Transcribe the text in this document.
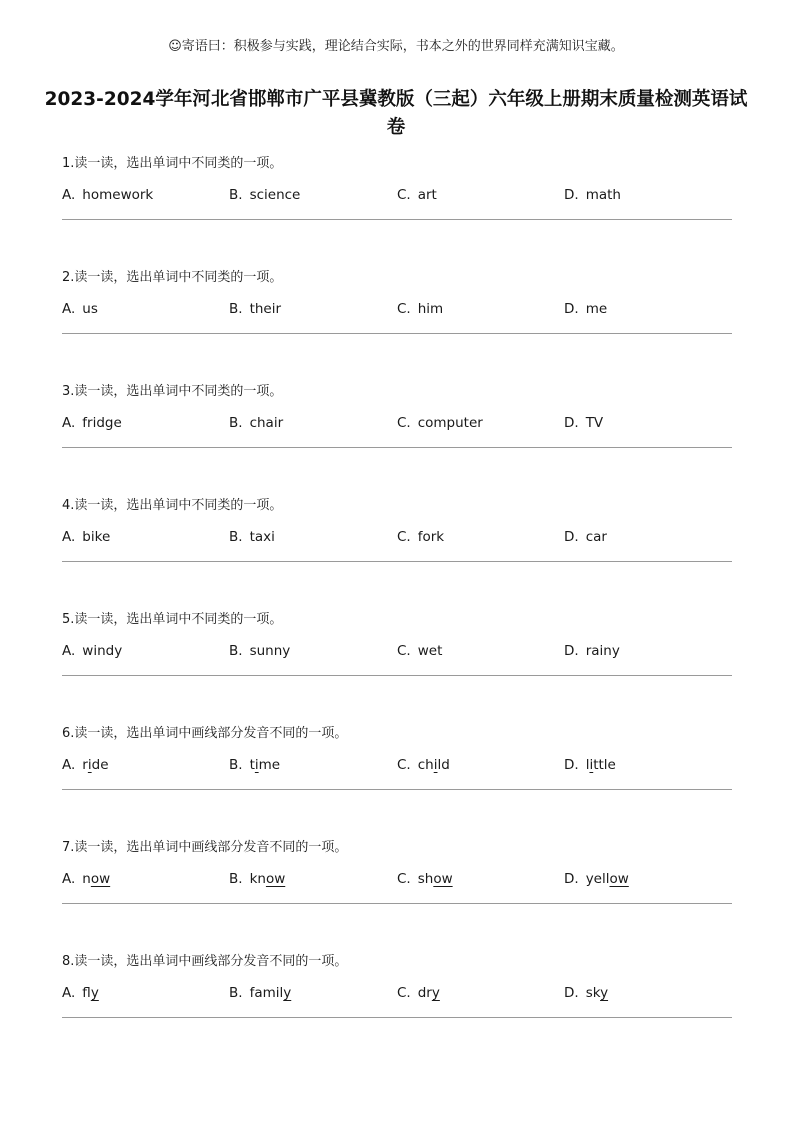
☺寄语曰：积极参与实践，理论结合实际，书本之外的世界同样充满知识宝藏。
2023-2024学年河北省邯郸市广平县冀教版（三起）六年级上册期末质量检测英语试卷
1.读一读，选出单词中不同类的一项。
A. homework	B. science	C. art	D. math
2.读一读，选出单词中不同类的一项。
A. us	B. their	C. him	D. me
3.读一读，选出单词中不同类的一项。
A. fridge	B. chair	C. computer	D. TV
4.读一读，选出单词中不同类的一项。
A. bike	B. taxi	C. fork	D. car
5.读一读，选出单词中不同类的一项。
A. windy	B. sunny	C. wet	D. rainy
6.读一读，选出单词中画线部分发音不同的一项。
A. ride	B. time	C. child	D. little
7.读一读，选出单词中画线部分发音不同的一项。
A. now	B. know	C. show	D. yellow
8.读一读，选出单词中画线部分发音不同的一项。
A. fly	B. family	C. dry	D. sky
